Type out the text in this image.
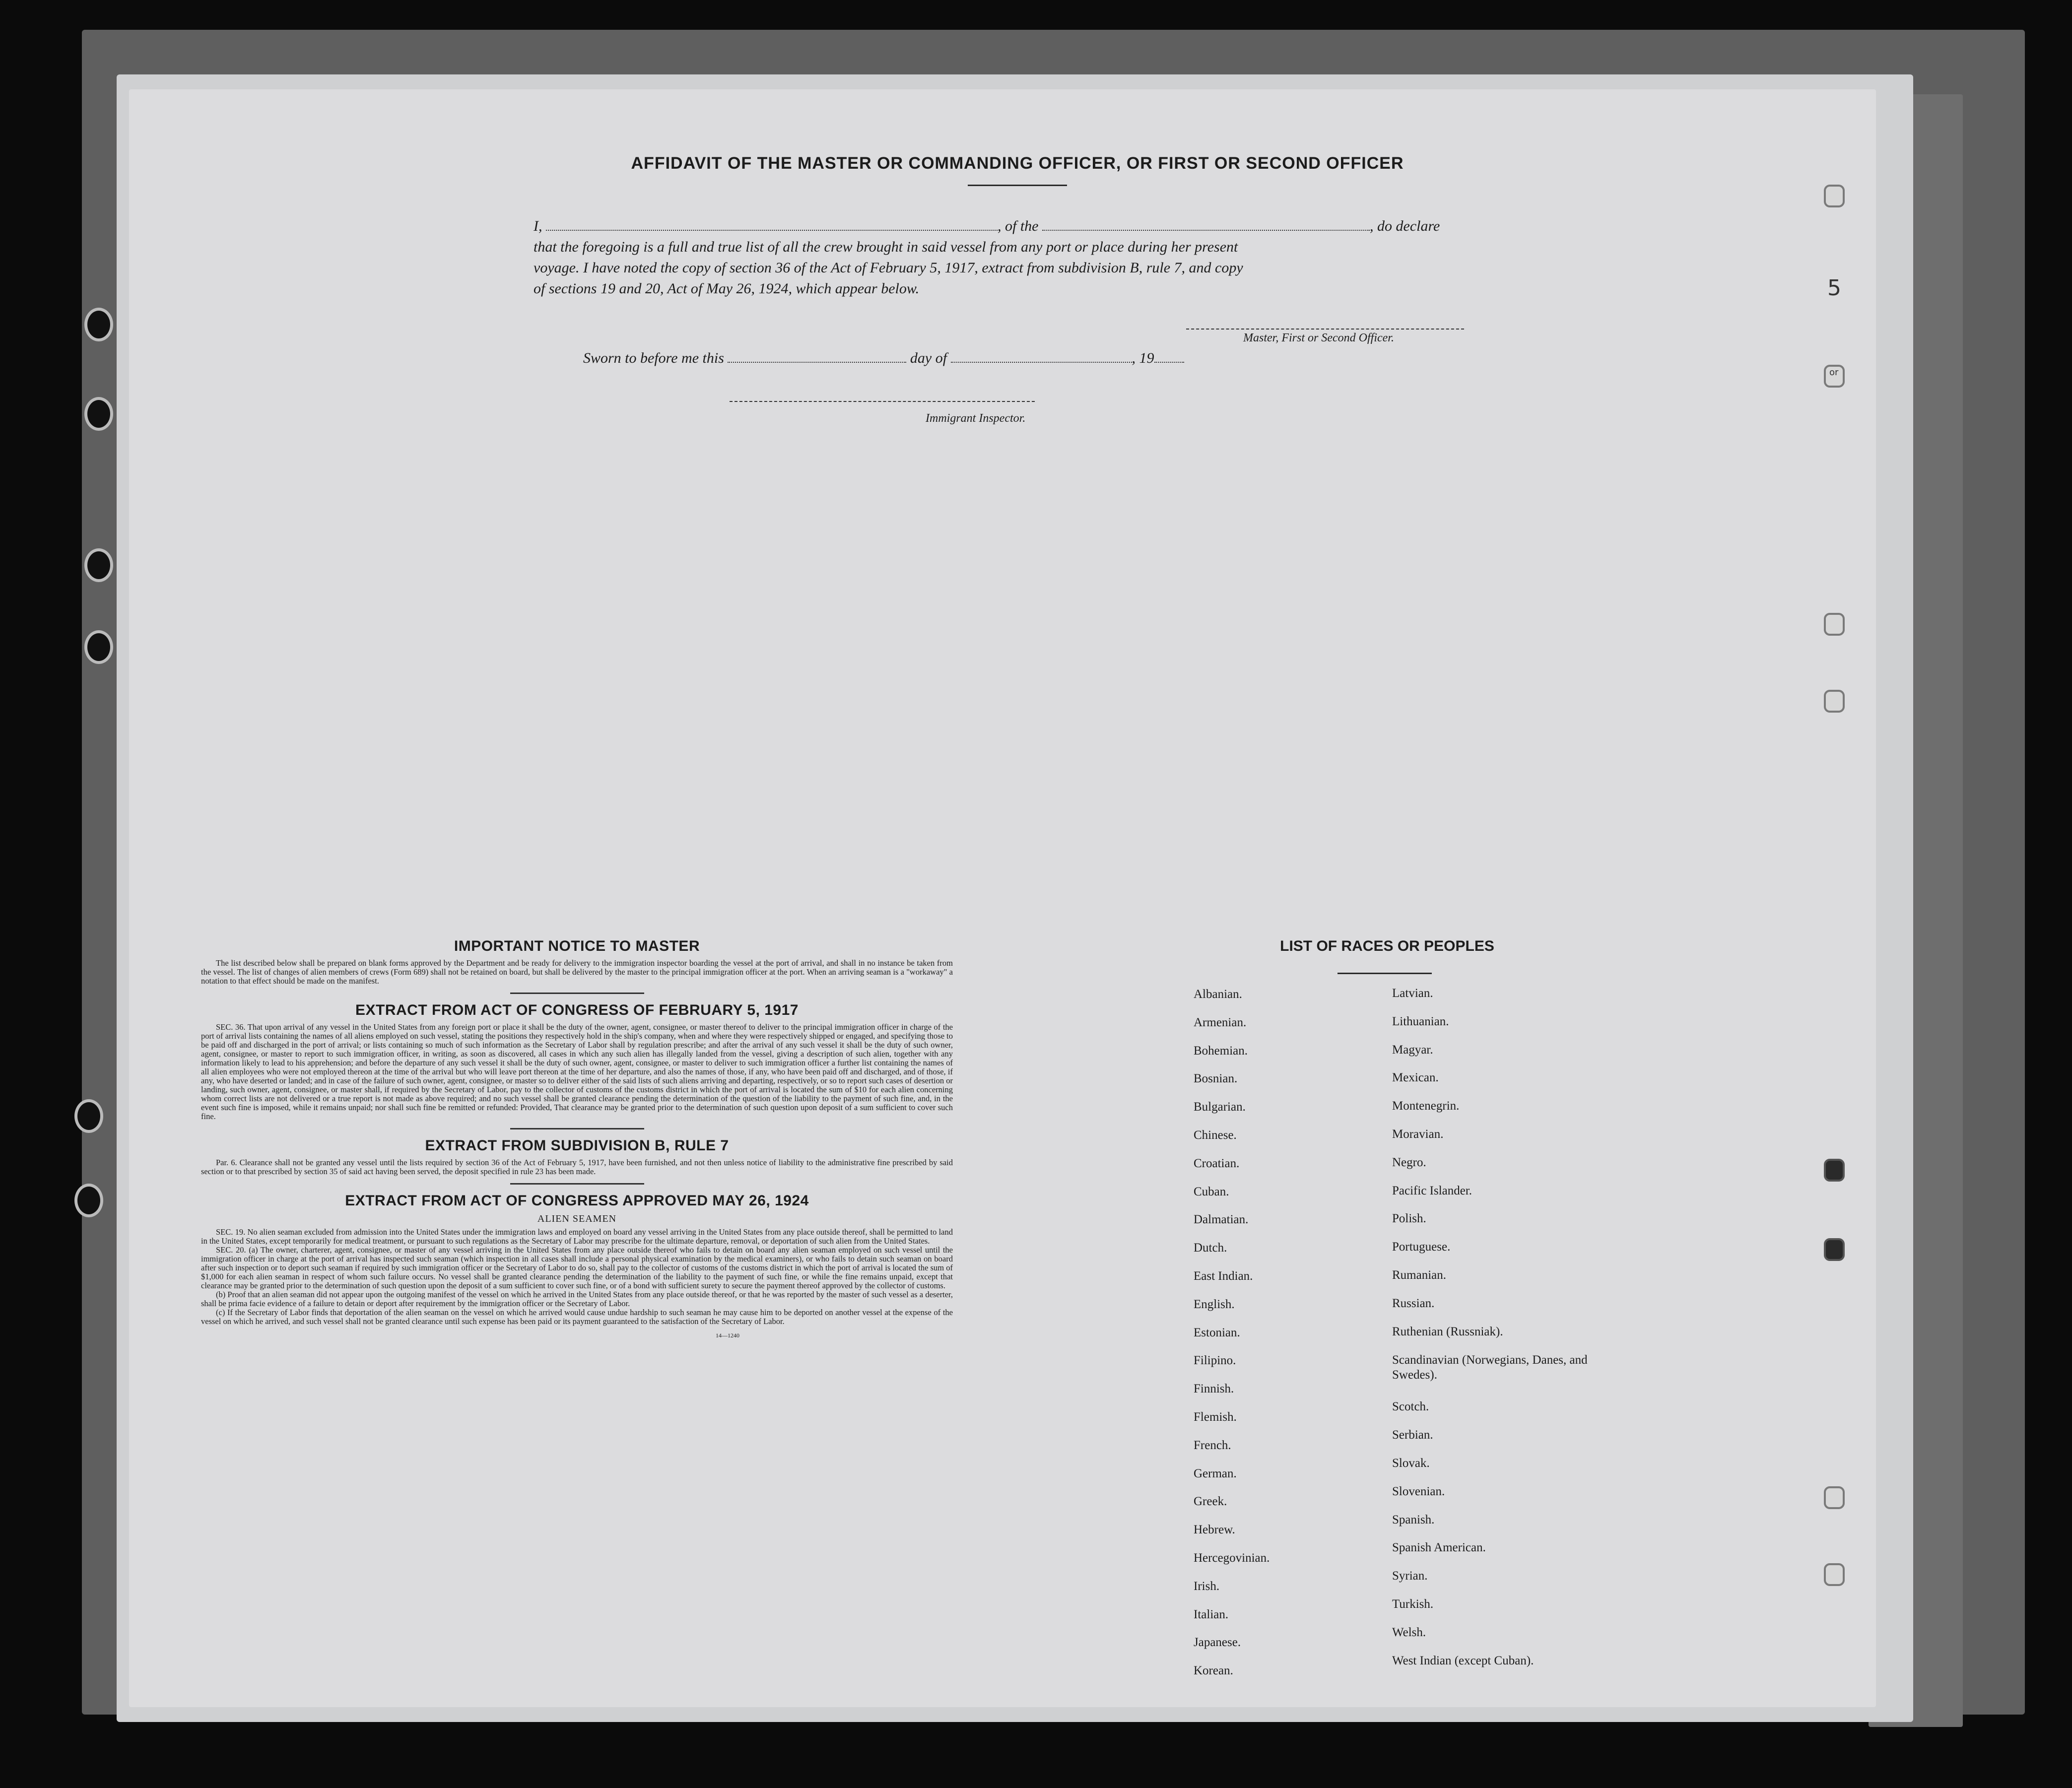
5
or
AFFIDAVIT OF THE MASTER OR COMMANDING OFFICER, OR FIRST OR SECOND OFFICER
I,	, of the	, do declare
that the foregoing is a full and true list of all the crew brought in said vessel from any port or place during her present
voyage. I have noted the copy of section 36 of the Act of February 5, 1917, extract from subdivision B, rule 7, and copy
of sections 19 and 20, Act of May 26, 1924, which appear below.
Master, First or Second Officer.
Sworn to before me this	day of	, 19
Immigrant Inspector.
IMPORTANT NOTICE TO MASTER

The list described below shall be prepared on blank forms approved by the Department and be ready for delivery to the immigration inspector boarding the vessel at the port of arrival, and shall in no instance be taken from the vessel. The list of changes of alien members of crews (Form 689) shall not be retained on board, but shall be delivered by the master to the principal immigration officer at the port. When an arriving seaman is a "workaway" a notation to that effect should be made on the manifest.

EXTRACT FROM ACT OF CONGRESS OF FEBRUARY 5, 1917

SEC. 36. That upon arrival of any vessel in the United States from any foreign port or place it shall be the duty of the owner, agent, consignee, or master thereof to deliver to the principal immigration officer in charge of the port of arrival lists containing the names of all aliens employed on such vessel, stating the positions they respectively hold in the ship's company, when and where they were respectively shipped or engaged, and specifying those to be paid off and discharged in the port of arrival; or lists containing so much of such information as the Secretary of Labor shall by regulation prescribe; and after the arrival of any such vessel it shall be the duty of such owner, agent, consignee, or master to report to such immigration officer, in writing, as soon as discovered, all cases in which any such alien has illegally landed from the vessel, giving a description of such alien, together with any information likely to lead to his apprehension; and before the departure of any such vessel it shall be the duty of such owner, agent, consignee, or master to deliver to such immigration officer a further list containing the names of all alien employees who were not employed thereon at the time of the arrival but who will leave port thereon at the time of her departure, and also the names of those, if any, who have been paid off and discharged, and of those, if any, who have deserted or landed; and in case of the failure of such owner, agent, consignee, or master so to deliver either of the said lists of such aliens arriving and departing, respectively, or so to report such cases of desertion or landing, such owner, agent, consignee, or master shall, if required by the Secretary of Labor, pay to the collector of customs of the customs district in which the port of arrival is located the sum of $10 for each alien concerning whom correct lists are not delivered or a true report is not made as above required; and no such vessel shall be granted clearance pending the determination of the question of the liability to the payment of such fine, and, in the event such fine is imposed, while it remains unpaid; nor shall such fine be remitted or refunded: Provided, That clearance may be granted prior to the determination of such question upon deposit of a sum sufficient to cover such fine.

EXTRACT FROM SUBDIVISION B, RULE 7

Par. 6. Clearance shall not be granted any vessel until the lists required by section 36 of the Act of February 5, 1917, have been furnished, and not then unless notice of liability to the administrative fine prescribed by said section or to that prescribed by section 35 of said act having been served, the deposit specified in rule 23 has been made.

EXTRACT FROM ACT OF CONGRESS APPROVED MAY 26, 1924
ALIEN SEAMEN

SEC. 19. No alien seaman excluded from admission into the United States under the immigration laws and employed on board any vessel arriving in the United States from any place outside thereof, shall be permitted to land in the United States, except temporarily for medical treatment, or pursuant to such regulations as the Secretary of Labor may prescribe for the ultimate departure, removal, or deportation of such alien from the United States.

SEC. 20. (a) The owner, charterer, agent, consignee, or master of any vessel arriving in the United States from any place outside thereof who fails to detain on board any alien seaman employed on such vessel until the immigration officer in charge at the port of arrival has inspected such seaman (which inspection in all cases shall include a personal physical examination by the medical examiners), or who fails to detain such seaman on board after such inspection or to deport such seaman if required by such immigration officer or the Secretary of Labor to do so, shall pay to the collector of customs of the customs district in which the port of arrival is located the sum of $1,000 for each alien seaman in respect of whom such failure occurs. No vessel shall be granted clearance pending the determination of the liability to the payment of such fine, or while the fine remains unpaid, except that clearance may be granted prior to the determination of such question upon the deposit of a sum sufficient to cover such fine, or of a bond with sufficient surety to secure the payment thereof approved by the collector of customs.

(b) Proof that an alien seaman did not appear upon the outgoing manifest of the vessel on which he arrived in the United States from any place outside thereof, or that he was reported by the master of such vessel as a deserter, shall be prima facie evidence of a failure to detain or deport after requirement by the immigration officer or the Secretary of Labor.

(c) If the Secretary of Labor finds that deportation of the alien seaman on the vessel on which he arrived would cause undue hardship to such seaman he may cause him to be deported on another vessel at the expense of the vessel on which he arrived, and such vessel shall not be granted clearance until such expense has been paid or its payment guaranteed to the satisfaction of the Secretary of Labor.

14—1240
LIST OF RACES OR PEOPLES
Albanian.
Armenian.
Bohemian.
Bosnian.
Bulgarian.
Chinese.
Croatian.
Cuban.
Dalmatian.
Dutch.
East Indian.
English.
Estonian.
Filipino.
Finnish.
Flemish.
French.
German.
Greek.
Hebrew.
Hercegovinian.
Irish.
Italian.
Japanese.
Korean.
Latvian.
Lithuanian.
Magyar.
Mexican.
Montenegrin.
Moravian.
Negro.
Pacific Islander.
Polish.
Portuguese.
Rumanian.
Russian.
Ruthenian (Russniak).
Scandinavian (Norwegians, Danes, and Swedes).
Scotch.
Serbian.
Slovak.
Slovenian.
Spanish.
Spanish American.
Syrian.
Turkish.
Welsh.
West Indian (except Cuban).
